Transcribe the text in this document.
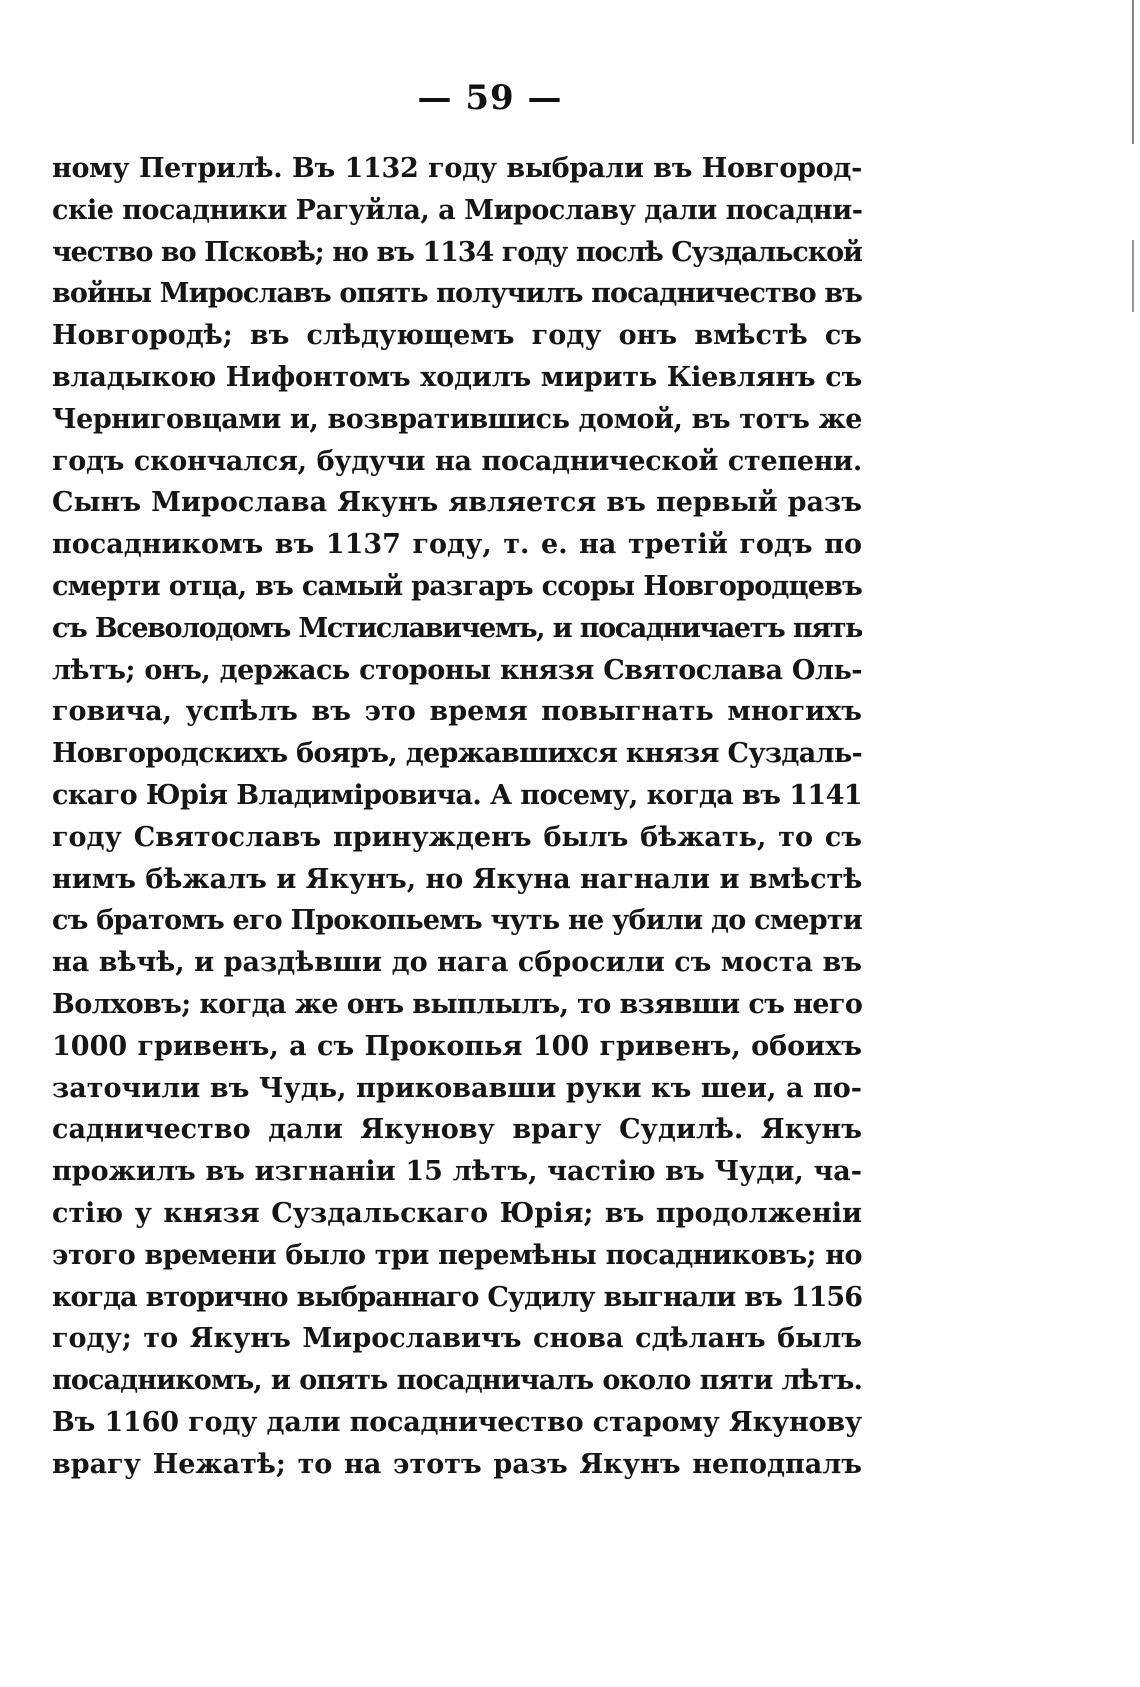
— 59 —
ному Петрилѣ. Въ 1132 году выбрали въ Новгород-
скіе посадники Рагуйла, а Мирославу дали посадни-
чество во Псковѣ; но въ 1134 году послѣ Суздальской
войны Мирославъ опять получилъ посадничество въ
Новгородѣ; въ слѣдующемъ году онъ вмѣстѣ съ
владыкою Нифонтомъ ходилъ мирить Кіевлянъ съ
Черниговцами и, возвратившись домой, въ тотъ же
годъ скончался, будучи на посаднической степени.
Сынъ Мирослава Якунъ является въ первый разъ
посадникомъ въ 1137 году, т. е. на третій годъ по
смерти отца, въ самый разгаръ ссоры Новгородцевъ
съ Всеволодомъ Мстиславичемъ, и посадничаетъ пять
лѣтъ; онъ, держась стороны князя Святослава Оль-
говича, успѣлъ въ это время повыгнать многихъ
Новгородскихъ бояръ, державшихся князя Суздаль-
скаго Юрія Владиміровича. А посему, когда въ 1141
году Святославъ принужденъ былъ бѣжать, то съ
нимъ бѣжалъ и Якунъ, но Якуна нагнали и вмѣстѣ
съ братомъ его Прокопьемъ чуть не убили до смерти
на вѣчѣ, и раздѣвши до нага сбросили съ моста въ
Волховъ; когда же онъ выплылъ, то взявши съ него
1000 гривенъ, а съ Прокопья 100 гривенъ, обоихъ
заточили въ Чудь, приковавши руки къ шеи, а по-
садничество дали Якунову врагу Судилѣ. Якунъ
прожилъ въ изгнаніи 15 лѣтъ, частію въ Чуди, ча-
стію у князя Суздальскаго Юрія; въ продолженіи
этого времени было три перемѣны посадниковъ; но
когда вторично выбраннаго Судилу выгнали въ 1156
году; то Якунъ Мирославичъ снова сдѣланъ былъ
посадникомъ, и опять посадничалъ около пяти лѣтъ.
Въ 1160 году дали посадничество старому Якунову
врагу Нежатѣ; то на этотъ разъ Якунъ неподпалъ
